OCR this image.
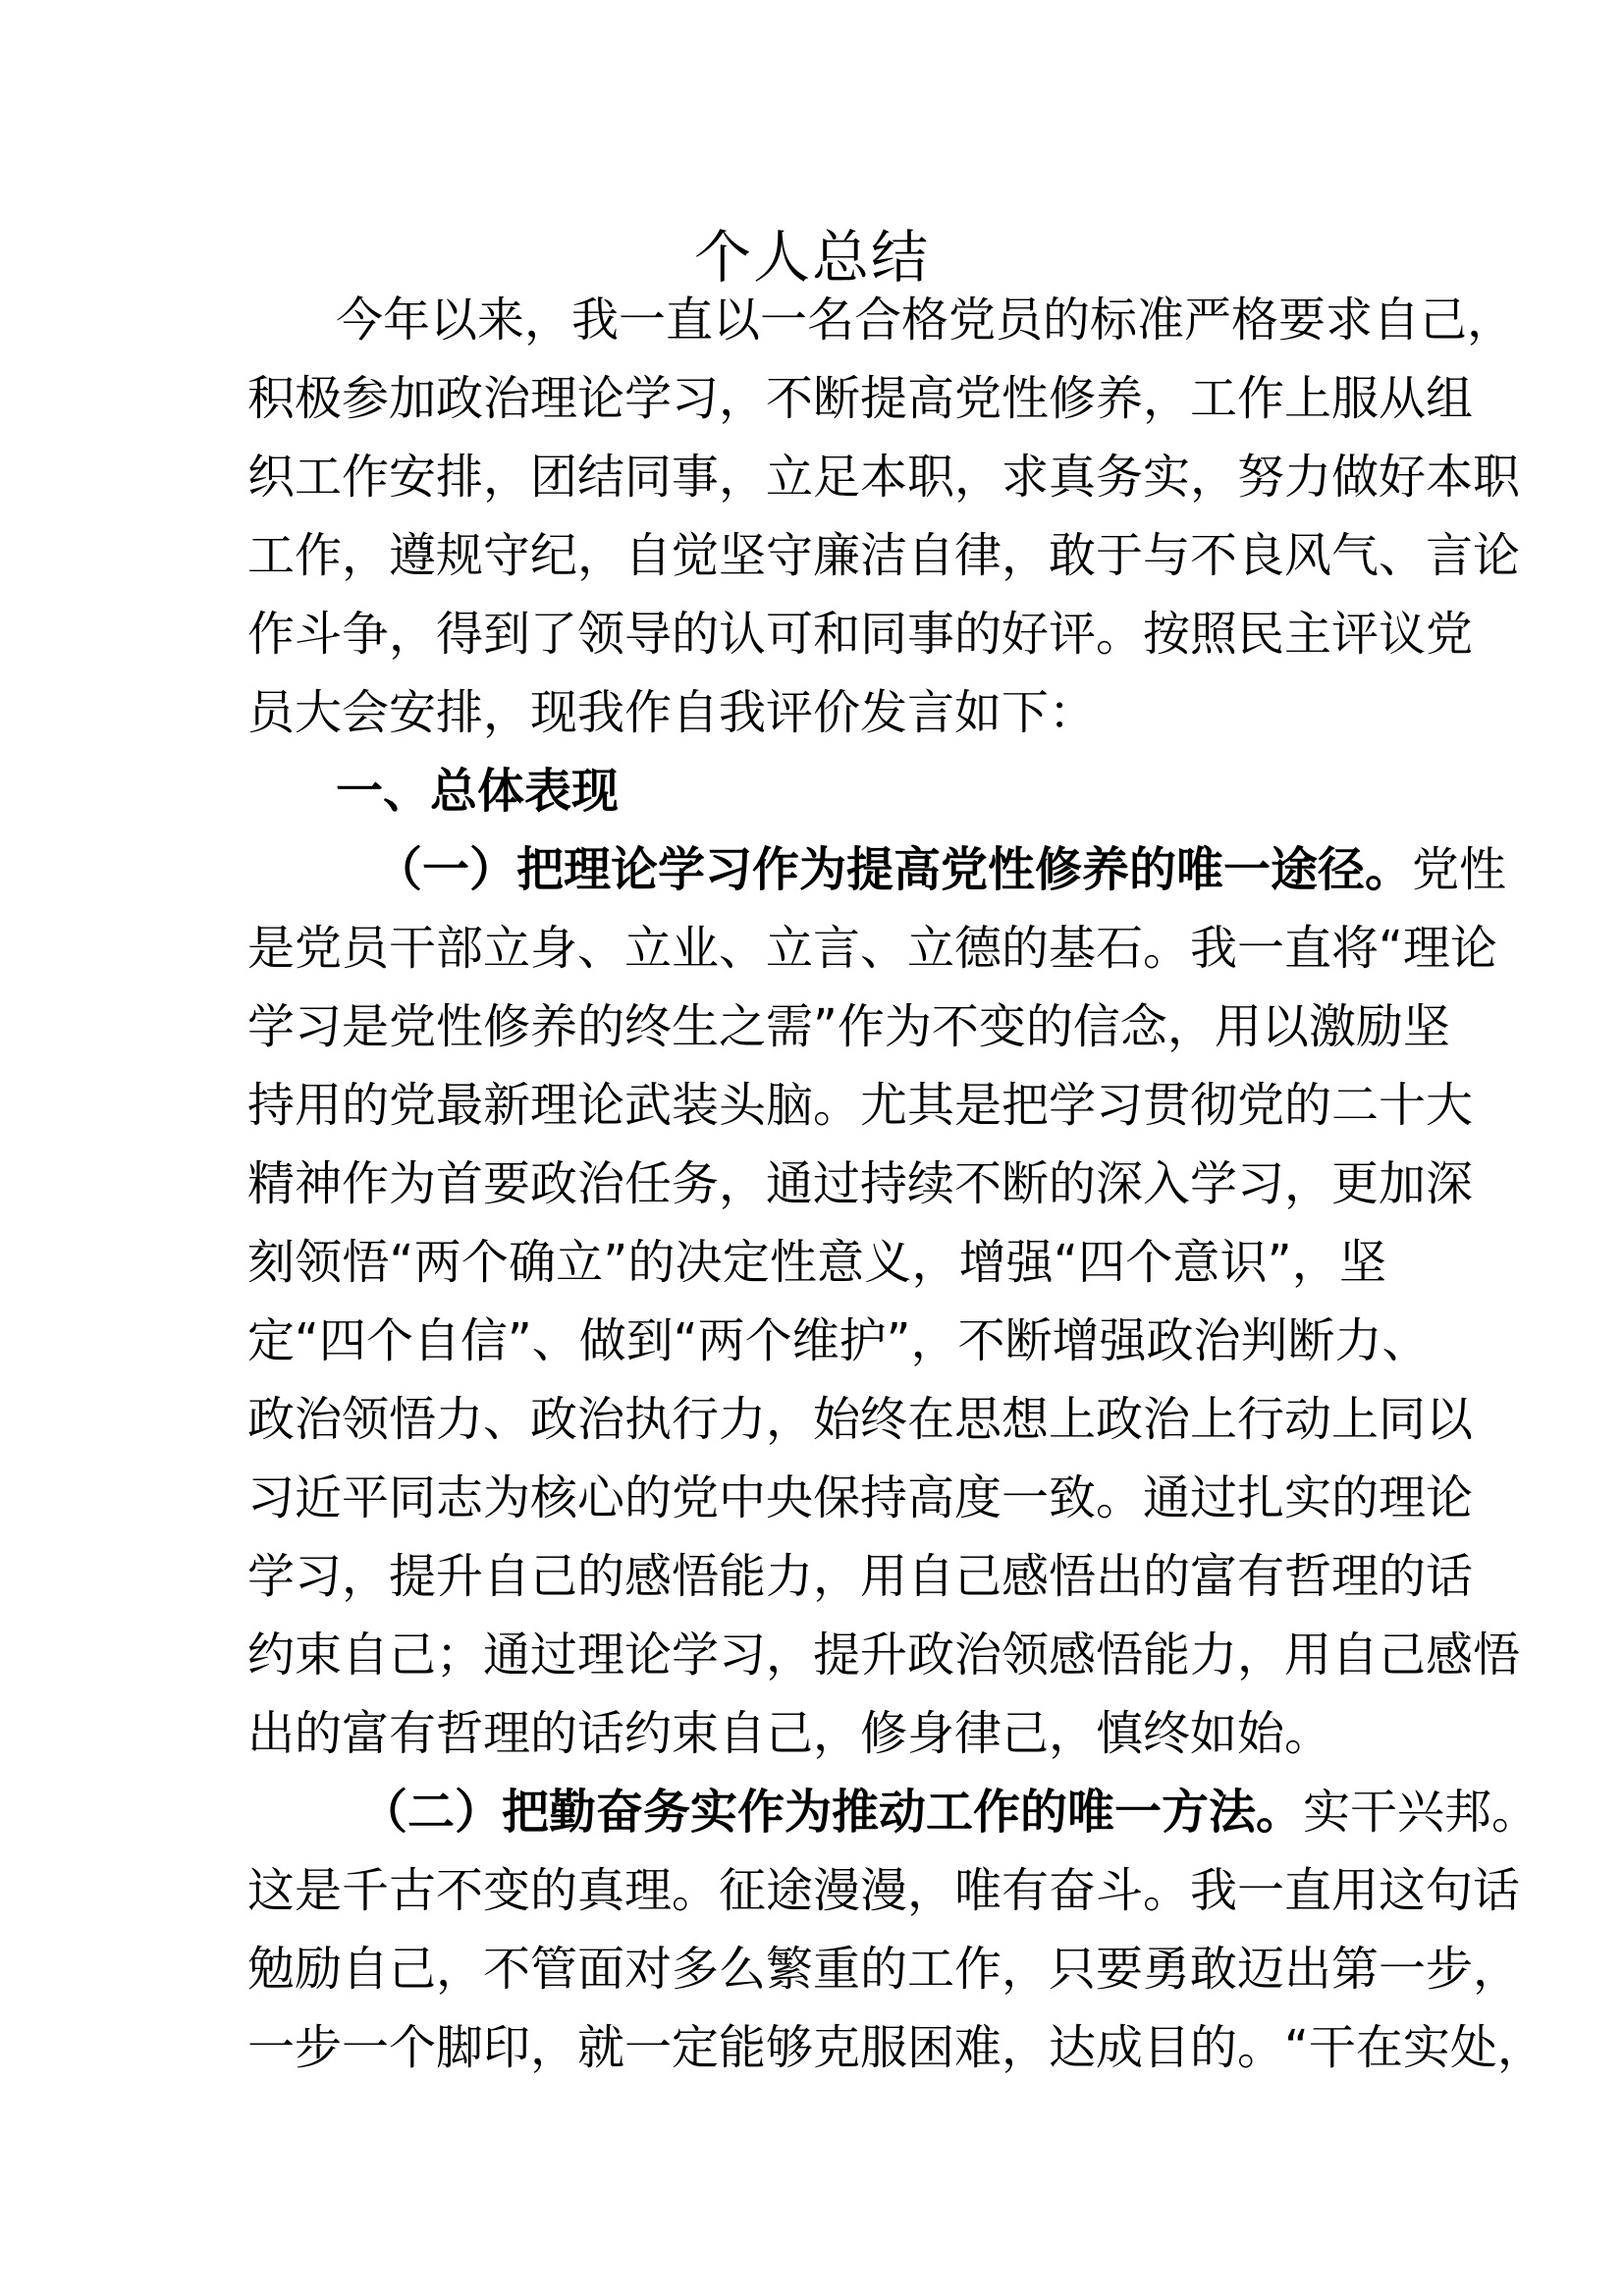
个人总结
今年以来，我一直以一名合格党员的标准严格要求自己，
积极参加政治理论学习，不断提高党性修养，工作上服从组
织工作安排，团结同事，立足本职，求真务实，努力做好本职
工作，遵规守纪，自觉坚守廉洁自律，敢于与不良风气、言论
作斗争，得到了领导的认可和同事的好评。按照民主评议党
员大会安排，现我作自我评价发言如下：
一、总体表现
（一）把理论学习作为提高党性修养的唯一途径。党性
是党员干部立身、立业、立言、立德的基石。我一直将“理论
学习是党性修养的终生之需”作为不变的信念，用以激励坚
持用的党最新理论武装头脑。尤其是把学习贯彻党的二十大
精神作为首要政治任务，通过持续不断的深入学习，更加深
刻领悟“两个确立”的决定性意义，增强“四个意识”，坚
定“四个自信”、做到“两个维护”，不断增强政治判断力、
政治领悟力、政治执行力，始终在思想上政治上行动上同以
习近平同志为核心的党中央保持高度一致。通过扎实的理论
学习，提升自己的感悟能力，用自己感悟出的富有哲理的话
约束自己；通过理论学习，提升政治领感悟能力，用自己感悟
出的富有哲理的话约束自己，修身律己，慎终如始。
（二）把勤奋务实作为推动工作的唯一方法。实干兴邦。
这是千古不变的真理。征途漫漫，唯有奋斗。我一直用这句话
勉励自己，不管面对多么繁重的工作，只要勇敢迈出第一步，
一步一个脚印，就一定能够克服困难，达成目的。“干在实处，
